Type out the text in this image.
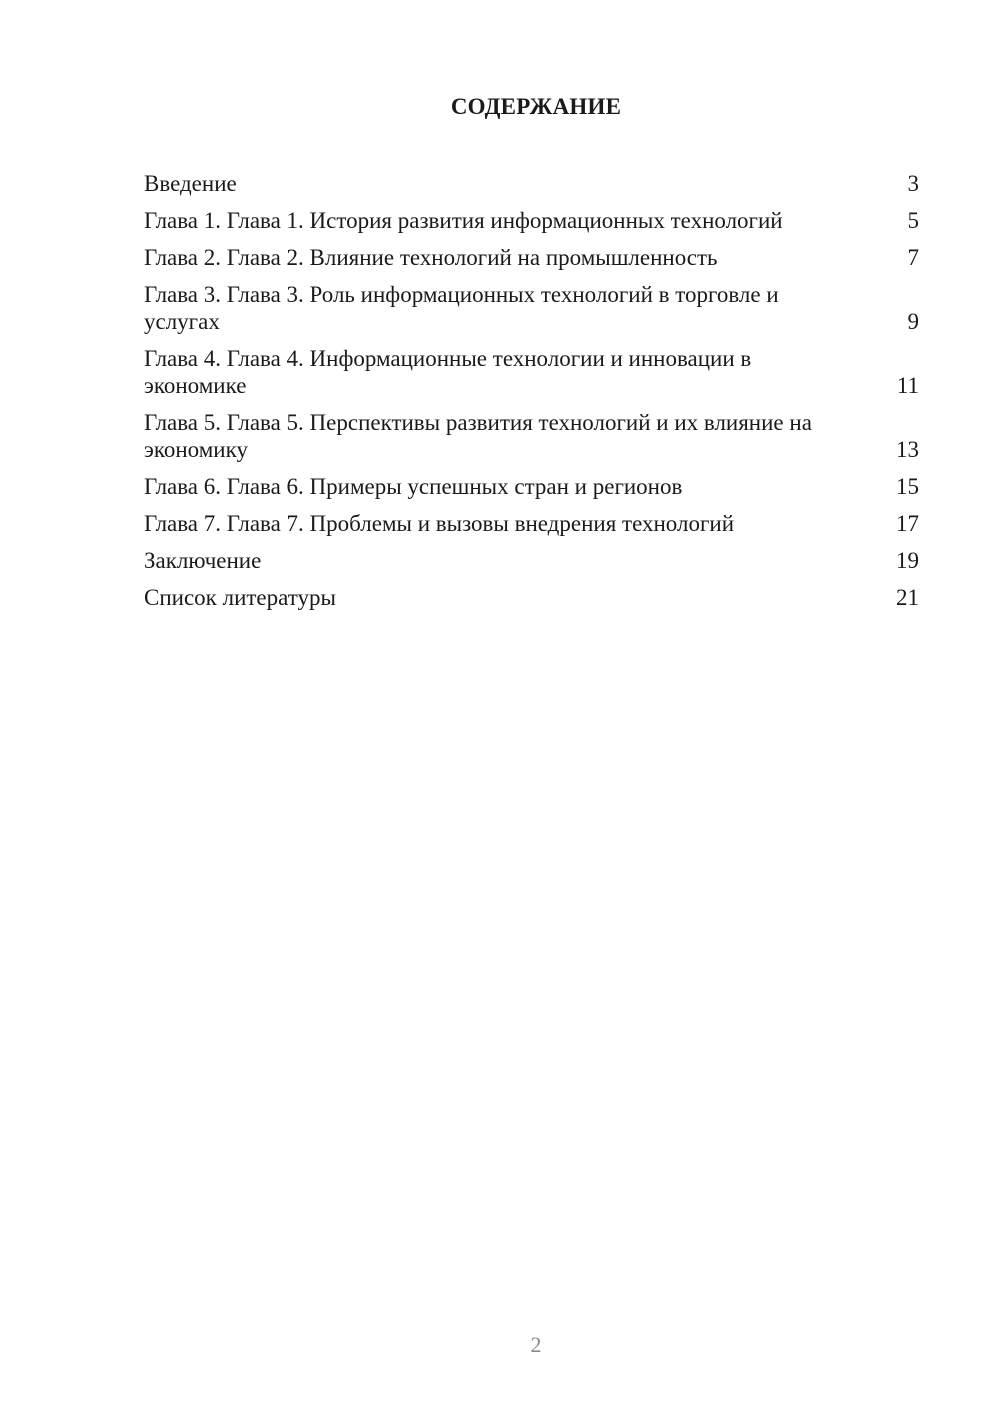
СОДЕРЖАНИЕ
Введение	3
Глава 1. Глава 1. История развития информационных технологий	5
Глава 2. Глава 2. Влияние технологий на промышленность	7
Глава 3. Глава 3. Роль информационных технологий в торговле и услугах	9
Глава 4. Глава 4. Информационные технологии и инновации в экономике	11
Глава 5. Глава 5. Перспективы развития технологий и их влияние на экономику	13
Глава 6. Глава 6. Примеры успешных стран и регионов	15
Глава 7. Глава 7. Проблемы и вызовы внедрения технологий	17
Заключение	19
Список литературы	21
2
